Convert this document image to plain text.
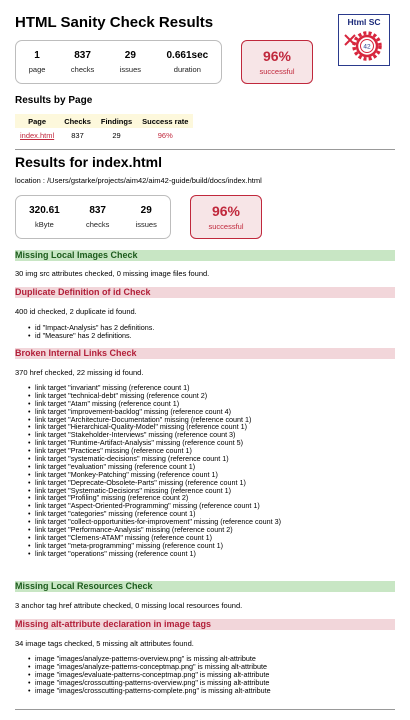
HTML Sanity Check Results	Html SC
42
1
page
837
checks
29
issues
0.661sec
duration
96%
successful
Results by Page
Page	Checks	Findings	Success rate
index.html	837	29	96%
Results for index.html
location : /Users/gstarke/projects/aim42/aim42-guide/build/docs/index.html
320.61
kByte
837
checks
29
issues
96%
successful
Missing Local Images Check
30 img src attributes checked, 0 missing image files found.
Duplicate Definition of id Check
400 id checked, 2 duplicate id found.
• id "Impact-Analysis" has 2 definitions.
• id "Measure" has 2 definitions.
Broken Internal Links Check
370 href checked, 22 missing id found.
• link target "invariant" missing (reference count 1)
• link target "technical-debt" missing (reference count 2)
• link target "Atam" missing (reference count 1)
• link target "improvement-backlog" missing (reference count 4)
• link target "Architecture-Documentation" missing (reference count 1)
• link target "Hierarchical-Quality-Model" missing (reference count 1)
• link target "Stakeholder-Interviews" missing (reference count 3)
• link target "Runtime-Artifact-Analysis" missing (reference count 5)
• link target "Practices" missing (reference count 1)
• link target "systematic-decisions" missing (reference count 1)
• link target "evaluation" missing (reference count 1)
• link target "Monkey-Patching" missing (reference count 1)
• link target "Deprecate-Obsolete-Parts" missing (reference count 1)
• link target "Systematic-Decisions" missing (reference count 1)
• link target "Profiling" missing (reference count 2)
• link target "Aspect-Oriented-Programming" missing (reference count 1)
• link target "categories" missing (reference count 1)
• link target "collect-opportunities-for-improvement" missing (reference count 3)
• link target "Performance-Analysis" missing (reference count 2)
• link target "Clemens-ATAM" missing (reference count 1)
• link target "meta-programming" missing (reference count 1)
• link target "operations" missing (reference count 1)
Missing Local Resources Check
3 anchor tag href attribute checked, 0 missing local resources found.
Missing alt-attribute declaration in image tags
34 image tags checked, 5 missing alt attributes found.
• image "images/analyze-patterns-overview.png" is missing alt-attribute
• image "images/analyze-patterns-conceptmap.png" is missing alt-attribute
• image "images/evaluate-patterns-conceptmap.png" is missing alt-attribute
• image "images/crosscutting-patterns-overview.png" is missing alt-attribute
• image "images/crosscutting-patterns-complete.png" is missing alt-attribute
